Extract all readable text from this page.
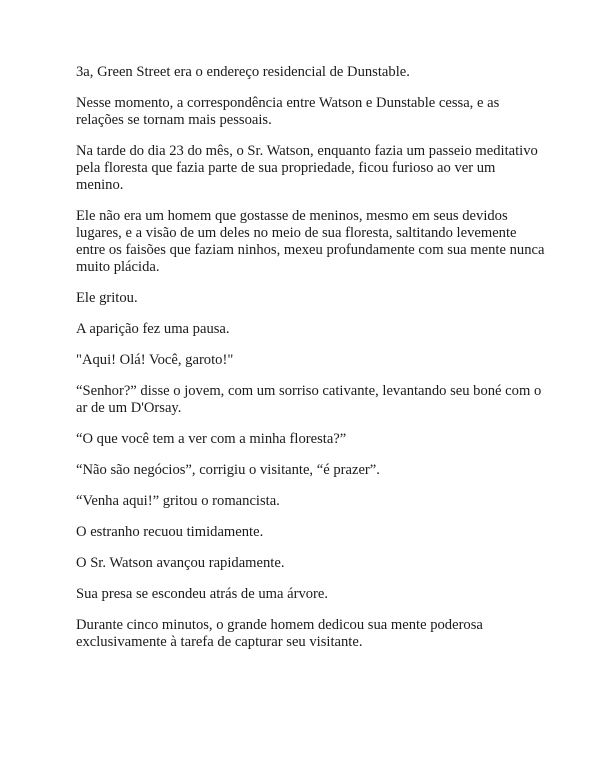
3a, Green Street era o endereço residencial de Dunstable.

Nesse momento, a correspondência entre Watson e Dunstable cessa, e as relações se tornam mais pessoais.

Na tarde do dia 23 do mês, o Sr. Watson, enquanto fazia um passeio meditativo pela floresta que fazia parte de sua propriedade, ficou furioso ao ver um menino.

Ele não era um homem que gostasse de meninos, mesmo em seus devidos lugares, e a visão de um deles no meio de sua floresta, saltitando levemente entre os faisões que faziam ninhos, mexeu profundamente com sua mente nunca muito plácida.

Ele gritou.

A aparição fez uma pausa.

"Aqui! Olá! Você, garoto!"

“Senhor?” disse o jovem, com um sorriso cativante, levantando seu boné com o ar de um D'Orsay.

“O que você tem a ver com a minha floresta?”

“Não são negócios”, corrigiu o visitante, “é prazer”.

“Venha aqui!” gritou o romancista.

O estranho recuou timidamente.

O Sr. Watson avançou rapidamente.

Sua presa se escondeu atrás de uma árvore.

Durante cinco minutos, o grande homem dedicou sua mente poderosa exclusivamente à tarefa de capturar seu visitante.
